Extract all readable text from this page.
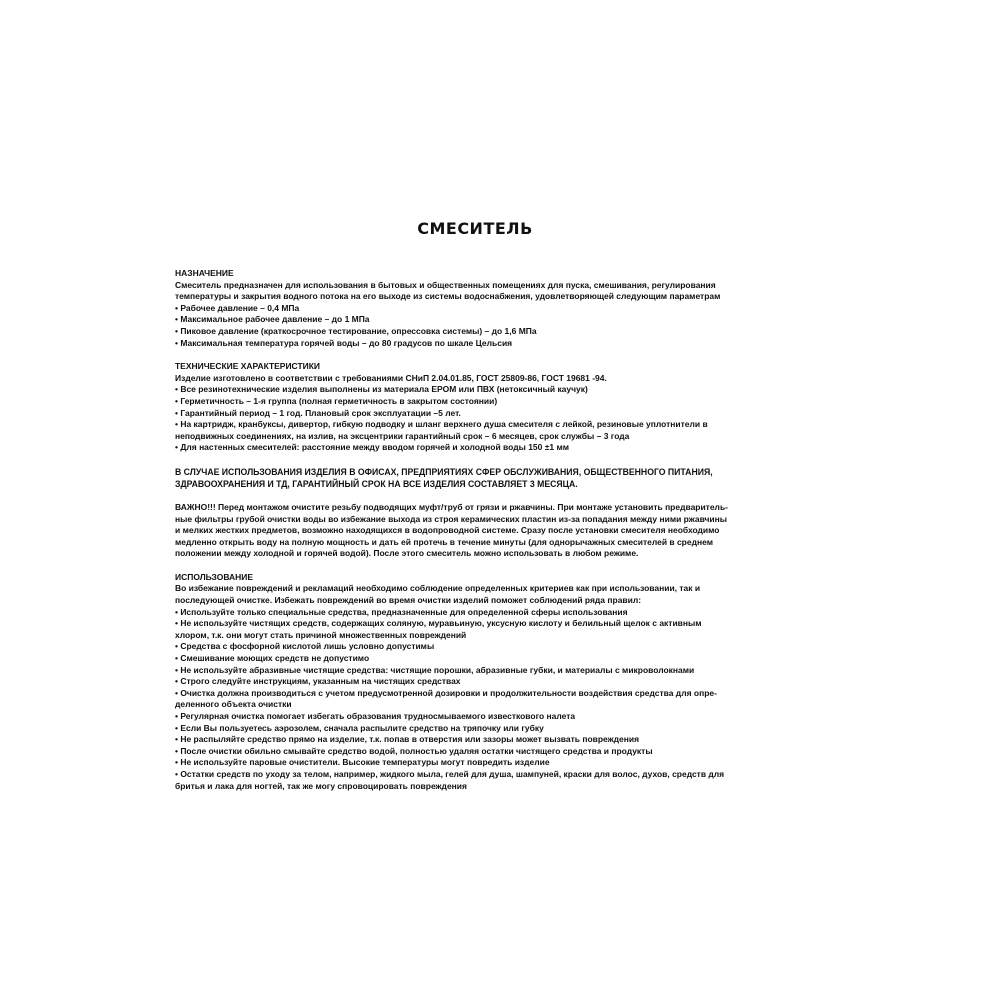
СМЕСИТЕЛЬ
НАЗНАЧЕНИЕ
Смеситель предназначен для использования в бытовых и общественных помещениях для пуска, смешивания, регулирования
температуры и закрытия водного потока на его выходе из системы водоснабжения, удовлетворяющей следующим параметрам
• Рабочее давление – 0,4 МПа
• Максимальное рабочее давление – до 1 МПа
• Пиковое давление (краткосрочное тестирование, опрессовка системы) – до 1,6 МПа
• Максимальная температура горячей воды – до 80 градусов по шкале Цельсия
ТЕХНИЧЕСКИЕ ХАРАКТЕРИСТИКИ
Изделие изготовлено в соответствии с требованиями СНиП 2.04.01.85, ГОСТ 25809-86, ГОСТ 19681 -94.
• Все резинотехнические изделия выполнены из материала EPOM или ПВХ (нетоксичный каучук)
• Герметичность – 1-я группа (полная герметичность в закрытом состоянии)
• Гарантийный период – 1 год. Плановый срок эксплуатации –5 лет.
• На картридж, кранбуксы, дивертор, гибкую подводку и шланг верхнего душа смесителя с лейкой, резиновые уплотнители в
неподвижных соединениях, на излив, на эксцентрики гарантийный срок – 6 месяцев, срок службы – 3 года
• Для настенных смесителей: расстояние между вводом горячей и холодной воды 150 ±1 мм
В СЛУЧАЕ ИСПОЛЬЗОВАНИЯ ИЗДЕЛИЯ В ОФИСАХ, ПРЕДПРИЯТИЯХ СФЕР ОБСЛУЖИВАНИЯ, ОБЩЕСТВЕННОГО ПИТАНИЯ,
ЗДРАВООХРАНЕНИЯ И ТД, ГАРАНТИЙНЫЙ СРОК НА ВСЕ ИЗДЕЛИЯ СОСТАВЛЯЕТ 3 МЕСЯЦА.
ВАЖНО!!! Перед монтажом очистите резьбу подводящих муфт/труб от грязи и ржавчины. При монтаже установить предваритель-
ные фильтры грубой очистки воды во избежание выхода из строя керамических пластин из-за попадания между ними ржавчины
и мелких жестких предметов, возможно находящихся в водопроводной системе. Сразу после установки смесителя необходимо
медленно открыть воду на полную мощность и дать ей протечь в течение минуты (для однорычажных смесителей в среднем
положении между холодной и горячей водой). После этого смеситель можно использовать в любом режиме.
ИСПОЛЬЗОВАНИЕ
Во избежание повреждений и рекламаций необходимо соблюдение определенных критериев как при использовании, так и
последующей очистке. Избежать повреждений во время очистки изделий поможет соблюдений ряда правил:
• Используйте только специальные средства, предназначенные для определенной сферы использования
• Не используйте чистящих средств, содержащих соляную, муравьиную, уксусную кислоту и белильный щелок с активным
хлором, т.к. они могут стать причиной множественных повреждений
• Средства с фосфорной кислотой лишь условно допустимы
• Смешивание моющих средств не допустимо
• Не используйте абразивные чистящие средства: чистящие порошки, абразивные губки, и материалы с микроволокнами
• Строго следуйте инструкциям, указанным на чистящих средствах
• Очистка должна производиться с учетом предусмотренной дозировки и продолжительности воздействия средства для опре-
деленного объекта очистки
• Регулярная очистка помогает избегать образования трудносмываемого известкового налета
• Если Вы пользуетесь аэрозолем, сначала распылите средство на тряпочку или губку
• Не распыляйте средство прямо на изделие, т.к. попав в отверстия или зазоры может вызвать повреждения
• После очистки обильно смывайте средство водой, полностью удаляя остатки чистящего средства и продукты
• Не используйте паровые очистители. Высокие температуры могут повредить изделие
• Остатки средств по уходу за телом, например, жидкого мыла, гелей для душа, шампуней, краски для волос, духов, средств для
бритья и лака для ногтей, так же могу спровоцировать повреждения
